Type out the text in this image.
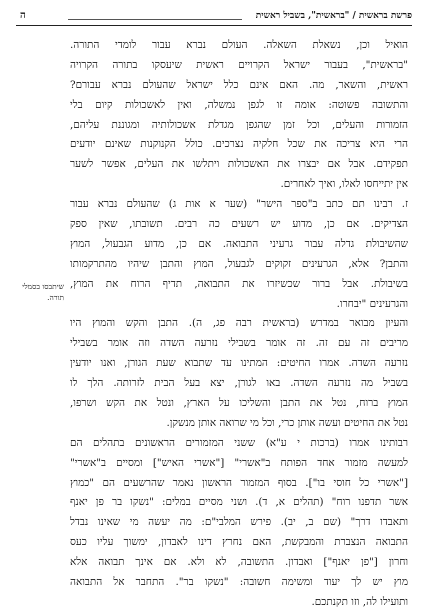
ה	פרשת בראשית / "בראשית", בשביל ראשית
הואיל וכן, נשאלת השאלה. העולם נברא עבור לומדי התורה.
"בראשית", בעבור ישראל הקרויים ראשית שיעסקו בתורה הקרויה
ראשית, והשאר, מה. האם אינם כלל ישראל שהעולם נברא עבורם?
והתשובה פשוטה: אומה זו לגפן נמשלה, ואין לאשכולות קיום בלי
הזמורות והעלים, וכל זמן שהגפן מגדלת אשכולותיה ומגוננת עליהם,
הרי היא צריכה את שכל חלקיה נצרכים. כולל הקנוקנות שאינם יודעים
תפקידם. אבל אם יבצרו את האשכולות ויתלשו את העלים, אפשר לשער
אין יתייחסו לאלו, ואיך לאחרים.
ז. רבינו תם כתב ב"ספר הישר" (שער א אות ג) שהעולם נברא עבור
הצדיקים. אם כן, מדוע יש רשעים כה רבים. תשובתו, שאין ספק
שהשיבולת גדלה עבור גרעיני התבואה. אם כן, מדוע הגבעול, המוץ
והתבן? אלא, הגרעינים זקוקים לגבעול, המוץ והתבן שיהיו מהתרקמותו
בשיבולת. אבל ברור שכשיזרו את התבואה, תדיף הרוח את המוץ,
והגרעינים "יבחרו.
והעיון מבואר במדרש (בראשית רבה פג, ה). התבן והקש והמוץ היו
מריבים זה עם זה. זה אומר בשבילי נזרעה השדה וזה אומר בשבילי
נזרעה השדה. אמרו החיטים: המתינו עד שתבוא שעת הגורן, ואנו יודעין
בשביל מה נזרעה השדה. באו לגורן, יצא בעל הבית לזרותה. הלך לו
המוץ ברוח, נטל את התבן והשליכו על הארץ, ונטל את הקש ושרפו,
נטל את החיטים ועשה אותן כרי, וכל מי שרואה אותן מנשקן.
רבותינו אמרו (ברכות י ע"א) ששני המזמורים הראשונים בתהלים הם
למעשה מזמור אחד הפותח ב"אשרי" ["אשרי האיש"] ומסיים ב"אשרי"
["אשרי כל חוסי בו"]. בסוף המזמור הראשון נאמר שהרשעים הם "כמוץ
אשר תדפנו רוח" (תהלים א, ד). ושני מסיים במלים: "נשקו בר פן יאנף
ותאבדו דרך" (שם ב, יב). פירש המלבי"ם: מה יעשה מי שאינו נבדל
התבואה הנצברת והמבקשת, האם נחרץ דינו לאבדון, ימשוך עליו כעס
וחרון ["פן יאנף"] ואבדון. התשובה, לא ולא. אם אינך תבואה אלא
מוץ יש לך יעוד ומשימה חשובה: "נשקו בר". התחבר אל התבואה
ותועילו לה, וזו תקנתכם.
שיתבסו בסמלי תורה.
